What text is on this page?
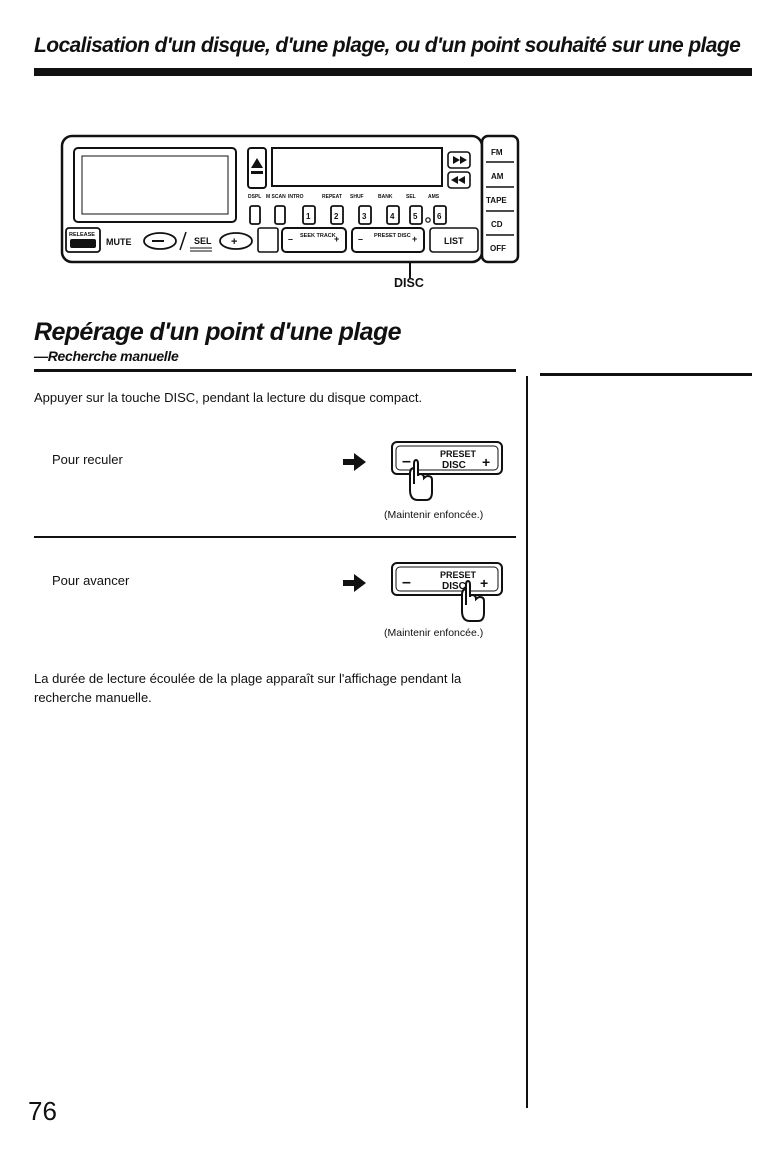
Localisation d'un disque, d'une plage, ou d'un point souhaité sur une plage
DSPL M SCAN INTRO	REPEAT SHUF	BANK	SEL AMS
1	2	3	4 5 6
RELEASE
MUTE	SEL +	– SEEK TRACK
+ – PRESET DISC +	LIST
FM
AM
TAPE
CD
OFF
DISC
Repérage d'un point d'une plage
—Recherche manuelle
Appuyer sur la touche DISC, pendant la lecture du disque compact.
Pour reculer	–	PRESET
DISC +
(Maintenir enfoncée.)
Pour avancer	–	PRESET
DISC +
(Maintenir enfoncée.)
La durée de lecture écoulée de la plage apparaît sur l'affichage pendant la recherche manuelle.
76
